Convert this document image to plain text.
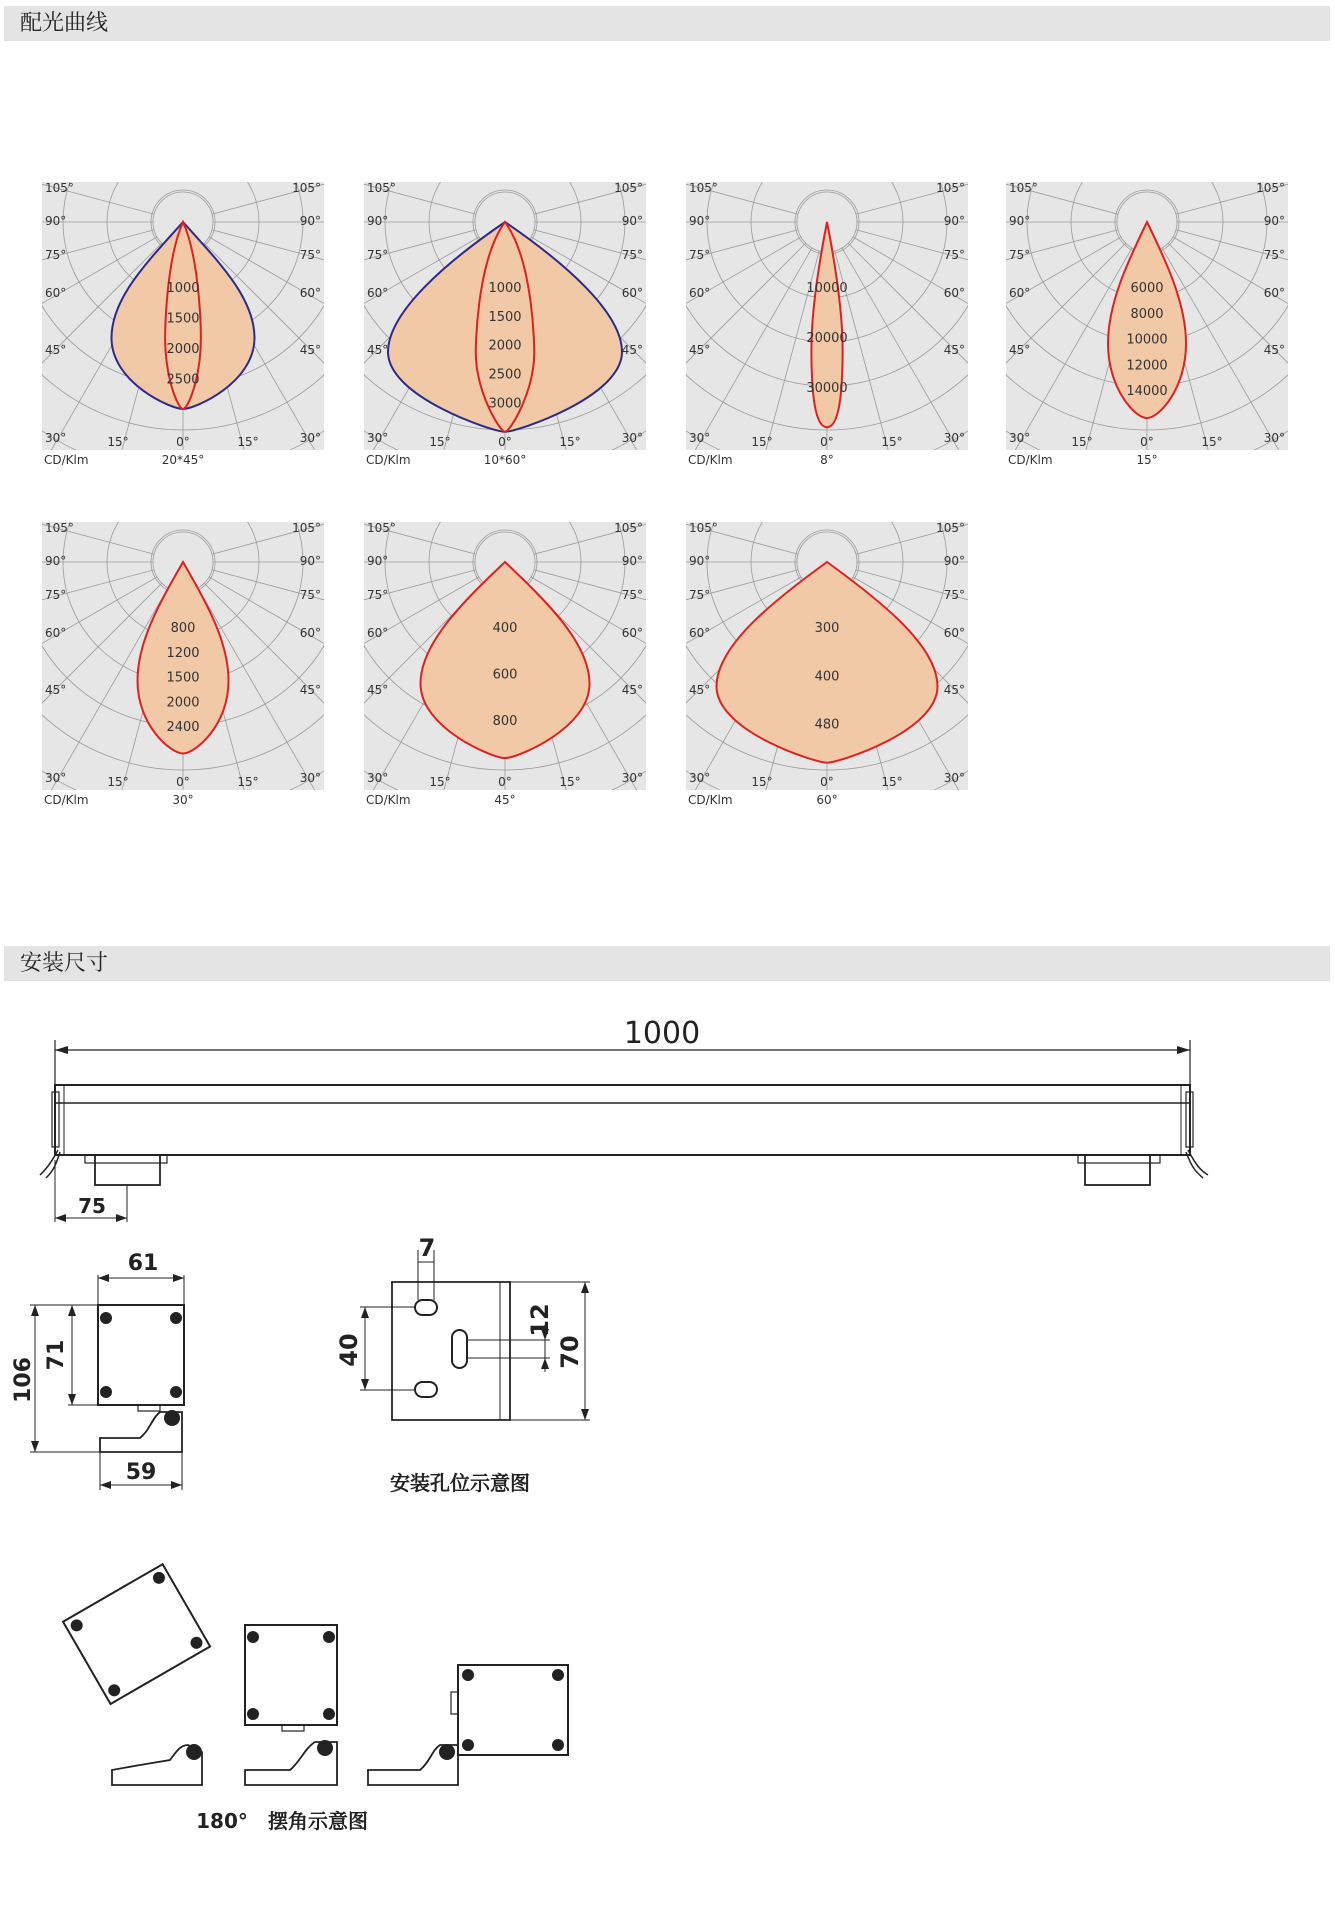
配光曲线
1000
1500
2000
2500
105°
90°
75°
60°
45°
30°
105°
90°
75°
60°
45°
30°
15°	0°	15°
CD/Klm	20*45°
1000
1500
2000
2500
3000
105°
90°
75°
60°
45°
30°
105°
90°
75°
60°
45°
30°
15°	0°	15°
CD/Klm	10*60°
10000
20000
30000
105°
90°
75°
60°
45°
30°
105°
90°
75°
60°
45°
30°
15°	0°	15°
CD/Klm	8°
6000
8000
10000
12000
14000
105°
90°
75°
60°
45°
30°
105°
90°
75°
60°
45°
30°
15°	0°	15°
CD/Klm	15°
800
1200
1500
2000
2400
105°
90°
75°
60°
45°
30°
105°
90°
75°
60°
45°
30°
15°	0°	15°
CD/Klm	30°
400
600
800
105°
90°
75°
60°
45°
30°
105°
90°
75°
60°
45°
30°
15°	0°	15°
CD/Klm	45°
300
400
480
105°
90°
75°
60°
45°
30°
105°
90°
75°
60°
45°
30°
15°	0°	15°
CD/Klm	60°
安装尺寸
1000
75
61
106
71
59
7
40
12
70
安装孔位示意图
180° 摆角示意图
